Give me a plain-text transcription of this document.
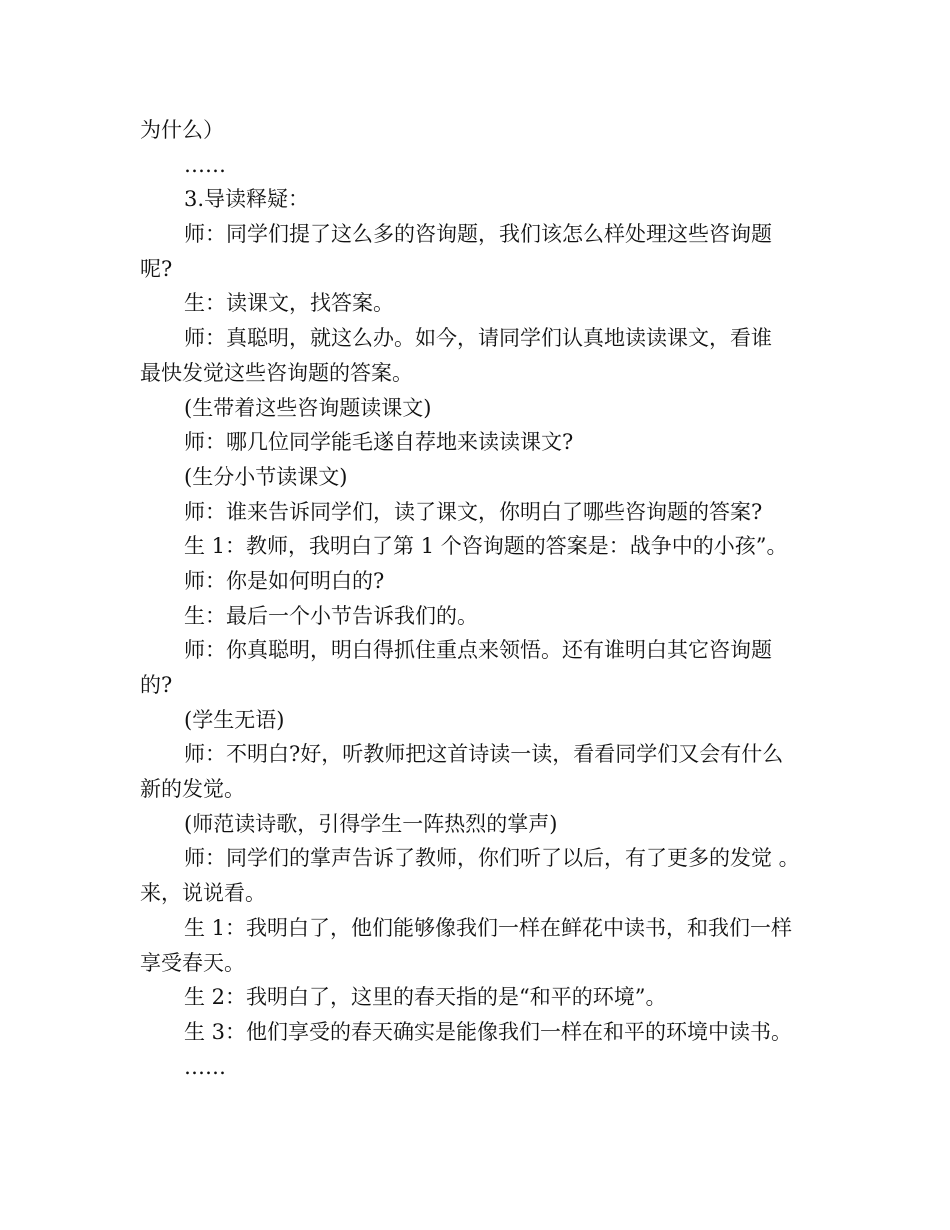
为什么）
……
3.导读释疑：
师：同学们提了这么多的咨询题，我们该怎么样处理这些咨询题
呢?
生：读课文，找答案。
师：真聪明，就这么办。如今，请同学们认真地读读课文，看谁
最快发觉这些咨询题的答案。
(生带着这些咨询题读课文)
师：哪几位同学能毛遂自荐地来读读课文?
(生分小节读课文)
师：谁来告诉同学们，读了课文，你明白了哪些咨询题的答案?
生 1：教师，我明白了第 1 个咨询题的答案是：战争中的小孩”。
师：你是如何明白的?
生：最后一个小节告诉我们的。
师：你真聪明，明白得抓住重点来领悟。还有谁明白其它咨询题
的?
(学生无语)
师：不明白?好，听教师把这首诗读一读，看看同学们又会有什么
新的发觉。
(师范读诗歌，引得学生一阵热烈的掌声)
师：同学们的掌声告诉了教师，你们听了以后，有了更多的发觉 。
来，说说看。
生 1：我明白了，他们能够像我们一样在鲜花中读书，和我们一样
享受春天。
生 2：我明白了，这里的春天指的是“和平的环境”。
生 3：他们享受的春天确实是能像我们一样在和平的环境中读书。
……
